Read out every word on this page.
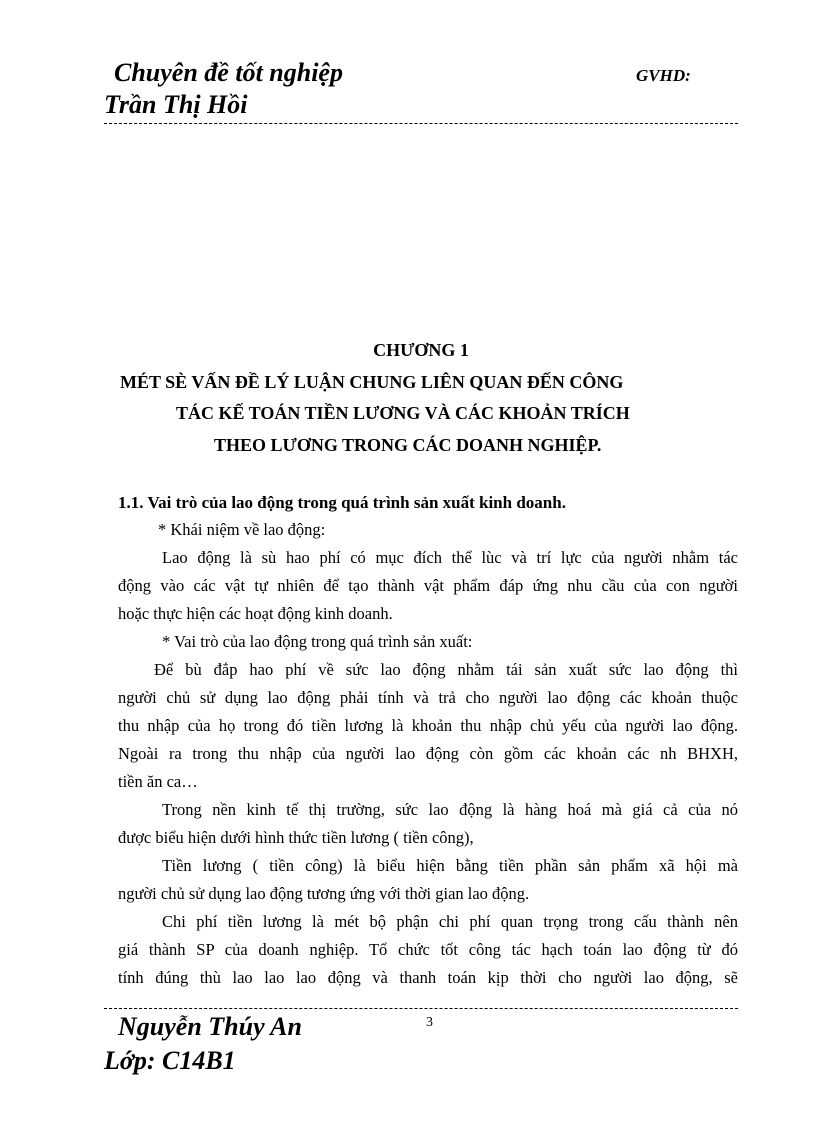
Chuyên đề tốt nghiệp	GVHD:
Trần Thị Hồi
CHƯƠNG 1
MÉT SÈ VẤN ĐỀ LÝ LUẬN CHUNG LIÊN QUAN ĐẾN CÔNG
TÁC KẾ TOÁN TIỀN LƯƠNG VÀ CÁC KHOẢN TRÍCH
THEO LƯƠNG TRONG CÁC DOANH NGHIỆP.
1.1. Vai trò của lao động trong quá trình sản xuất kinh doanh.
* Khái niệm về lao động:
Lao động là sù hao phí có mục đích thể lùc và trí lực của người nhằm tác
động vào các vật tự nhiên để tạo thành vật phẩm đáp ứng nhu cầu của con người
hoặc thực hiện các hoạt động kinh doanh.
* Vai trò của lao động trong quá trình sản xuất:
Để bù đắp hao phí về sức lao động nhằm tái sản xuất sức lao động thì
người chủ sử dụng lao động phải tính và trả cho người lao động các khoản thuộc
thu nhập của họ trong đó tiền lương là khoản thu nhập chủ yếu của người lao động.
Ngoài ra trong thu nhập của người lao động còn gồm các khoản các nh BHXH,
tiền ăn ca…
Trong nền kinh tế thị trường, sức lao động là hàng hoá mà giá cả của nó
được biểu hiện dưới hình thức tiền lương ( tiền công),
Tiền lương ( tiền công) là biểu hiện bằng tiền phần sản phẩm xã hội mà
người chủ sử dụng lao động tương ứng với thời gian lao động.
Chi phí tiền lương là mét bộ phận chi phí quan trọng trong cấu thành nên
giá thành SP của doanh nghiệp. Tổ chức tốt công tác hạch toán lao động từ đó
tính đúng thù lao lao lao động và thanh toán kịp thời cho người lao động, sẽ
3
Nguyễn Thúy An
Lớp: C14B1
